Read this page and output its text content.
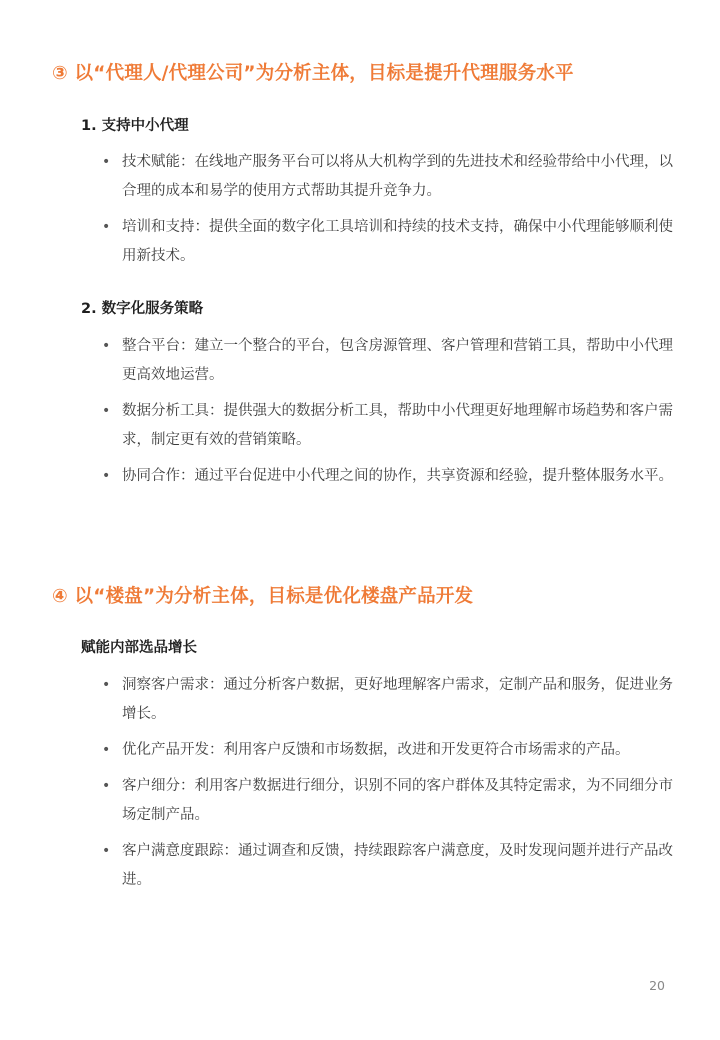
③ 以“代理人/代理公司”为分析主体，目标是提升代理服务水平
1. 支持中小代理
• 技术赋能：在线地产服务平台可以将从大机构学到的先进技术和经验带给中小代理，以合理的成本和易学的使用方式帮助其提升竞争力。
• 培训和支持：提供全面的数字化工具培训和持续的技术支持，确保中小代理能够顺利使用新技术。
2. 数字化服务策略
• 整合平台：建立一个整合的平台，包含房源管理、客户管理和营销工具，帮助中小代理更高效地运营。
• 数据分析工具：提供强大的数据分析工具，帮助中小代理更好地理解市场趋势和客户需求，制定更有效的营销策略。
• 协同合作：通过平台促进中小代理之间的协作，共享资源和经验，提升整体服务水平。
④ 以“楼盘”为分析主体，目标是优化楼盘产品开发
赋能内部选品增长
• 洞察客户需求：通过分析客户数据，更好地理解客户需求，定制产品和服务，促进业务增长。
• 优化产品开发：利用客户反馈和市场数据，改进和开发更符合市场需求的产品。
• 客户细分：利用客户数据进行细分，识别不同的客户群体及其特定需求，为不同细分市场定制产品。
• 客户满意度跟踪：通过调查和反馈，持续跟踪客户满意度，及时发现问题并进行产品改进。
20
